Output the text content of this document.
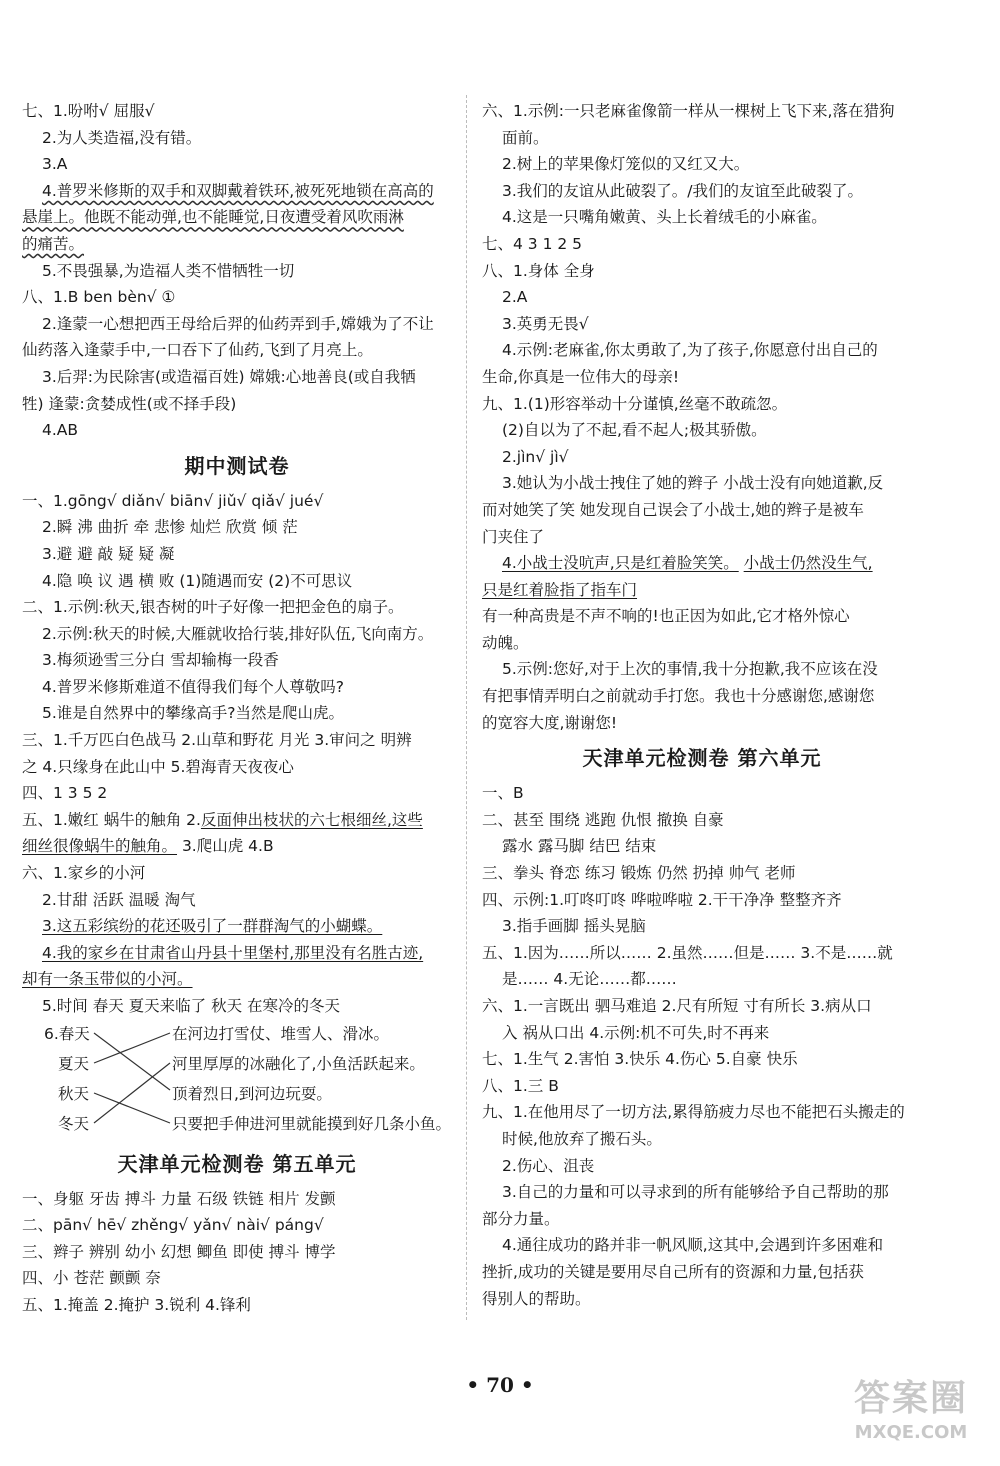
七、1.吩咐√ 屈服√
2.为人类造福,没有错。
3.A
4.普罗米修斯的双手和双脚戴着铁环,被死死地锁在高高的
悬崖上。他既不能动弹,也不能睡觉,日夜遭受着风吹雨淋
的痛苦。
5.不畏强暴,为造福人类不惜牺牲一切
八、1.B ben bèn√ ①
2.逢蒙一心想把西王母给后羿的仙药弄到手,嫦娥为了不让
仙药落入逢蒙手中,一口吞下了仙药,飞到了月亮上。
3.后羿:为民除害(或造福百姓) 嫦娥:心地善良(或自我牺
牲) 逢蒙:贪婪成性(或不择手段)
4.AB
期中测试卷
一、1.gōng√ diǎn√ biān√ jiǔ√ qiǎ√ jué√
2.瞬 沸 曲折 牵 悲惨 灿烂 欣赏 倾 茫
3.避 避 敲 疑 疑 凝
4.隐 唤 议 遇 横 败 (1)随遇而安 (2)不可思议
二、1.示例:秋天,银杏树的叶子好像一把把金色的扇子。
2.示例:秋天的时候,大雁就收拾行装,排好队伍,飞向南方。
3.梅须逊雪三分白 雪却输梅一段香
4.普罗米修斯难道不值得我们每个人尊敬吗?
5.谁是自然界中的攀缘高手?当然是爬山虎。
三、1.千万匹白色战马 2.山草和野花 月光 3.审问之 明辨
之 4.只缘身在此山中 5.碧海青天夜夜心
四、1 3 5 2
五、1.嫩红 蜗牛的触角 2.反面伸出枝状的六七根细丝,这些
细丝很像蜗牛的触角。 3.爬山虎 4.B
六、1.家乡的小河
2.甘甜 活跃 温暖 淘气
3.这五彩缤纷的花还吸引了一群群淘气的小蝴蝶。
4.我的家乡在甘肃省山丹县十里堡村,那里没有名胜古迹,
却有一条玉带似的小河。
5.时间 春天 夏天来临了 秋天 在寒冷的冬天
6.春天
夏天
秋天
冬天
在河边打雪仗、堆雪人、滑冰。
河里厚厚的冰融化了,小鱼活跃起来。
顶着烈日,到河边玩耍。
只要把手伸进河里就能摸到好几条小鱼。
天津单元检测卷 第五单元
一、身躯 牙齿 搏斗 力量 石级 铁链 相片 发颤
二、pān√ hē√ zhěng√ yǎn√ nài√ páng√
三、辫子 辨别 幼小 幻想 鲫鱼 即使 搏斗 博学
四、小 苍茫 颤颤 奈
五、1.掩盖 2.掩护 3.锐利 4.锋利
六、1.示例:一只老麻雀像箭一样从一棵树上飞下来,落在猎狗
面前。
2.树上的苹果像灯笼似的又红又大。
3.我们的友谊从此破裂了。/我们的友谊至此破裂了。
4.这是一只嘴角嫩黄、头上长着绒毛的小麻雀。
七、4 3 1 2 5
八、1.身体 全身
2.A
3.英勇无畏√
4.示例:老麻雀,你太勇敢了,为了孩子,你愿意付出自己的
生命,你真是一位伟大的母亲!
九、1.(1)形容举动十分谨慎,丝毫不敢疏忽。
(2)自以为了不起,看不起人;极其骄傲。
2.jìn√ jì√
3.她认为小战士拽住了她的辫子 小战士没有向她道歉,反
而对她笑了笑 她发现自己误会了小战士,她的辫子是被车
门夹住了
4.小战士没吭声,只是红着脸笑笑。 小战士仍然没生气,
只是红着脸指了指车门
有一种高贵是不声不响的!也正因为如此,它才格外惊心
动魄。
5.示例:您好,对于上次的事情,我十分抱歉,我不应该在没
有把事情弄明白之前就动手打您。我也十分感谢您,感谢您
的宽容大度,谢谢您!
天津单元检测卷 第六单元
一、B
二、甚至 围绕 逃跑 仇恨 撤换 自豪
露水 露马脚 结巴 结束
三、拳头 脊恋 练习 锻炼 仍然 扔掉 帅气 老师
四、示例:1.叮咚叮咚 哗啦哗啦 2.干干净净 整整齐齐
3.指手画脚 摇头晃脑
五、1.因为……所以…… 2.虽然……但是…… 3.不是……就
是…… 4.无论……都……
六、1.一言既出 驷马难追 2.尺有所短 寸有所长 3.病从口
入 祸从口出 4.示例:机不可失,时不再来
七、1.生气 2.害怕 3.快乐 4.伤心 5.自豪 快乐
八、1.三 B
九、1.在他用尽了一切方法,累得筋疲力尽也不能把石头搬走的
时候,他放弃了搬石头。
2.伤心、沮丧
3.自己的力量和可以寻求到的所有能够给予自己帮助的那
部分力量。
4.通往成功的路并非一帆风顺,这其中,会遇到许多困难和
挫折,成功的关键是要用尽自己所有的资源和力量,包括获
得别人的帮助。
• 70 •	答案圈
MXQE.COM
